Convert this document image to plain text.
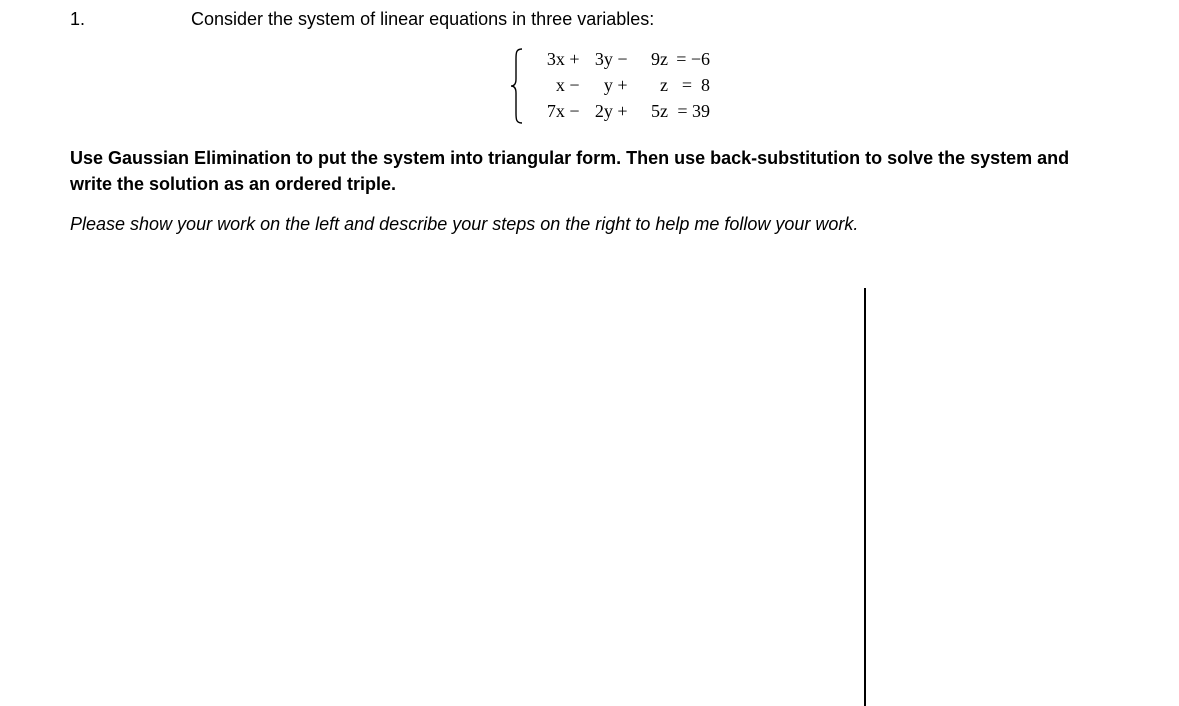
1.	Consider the system of linear equations in three variables:
3x + 3y −	9z = −6
x −	y +	z =  8
7x − 2y +	5z = 39
Use Gaussian Elimination to put the system into triangular form. Then use back-substitution to solve the system and write the solution as an ordered triple.
Please show your work on the left and describe your steps on the right to help me follow your work.
